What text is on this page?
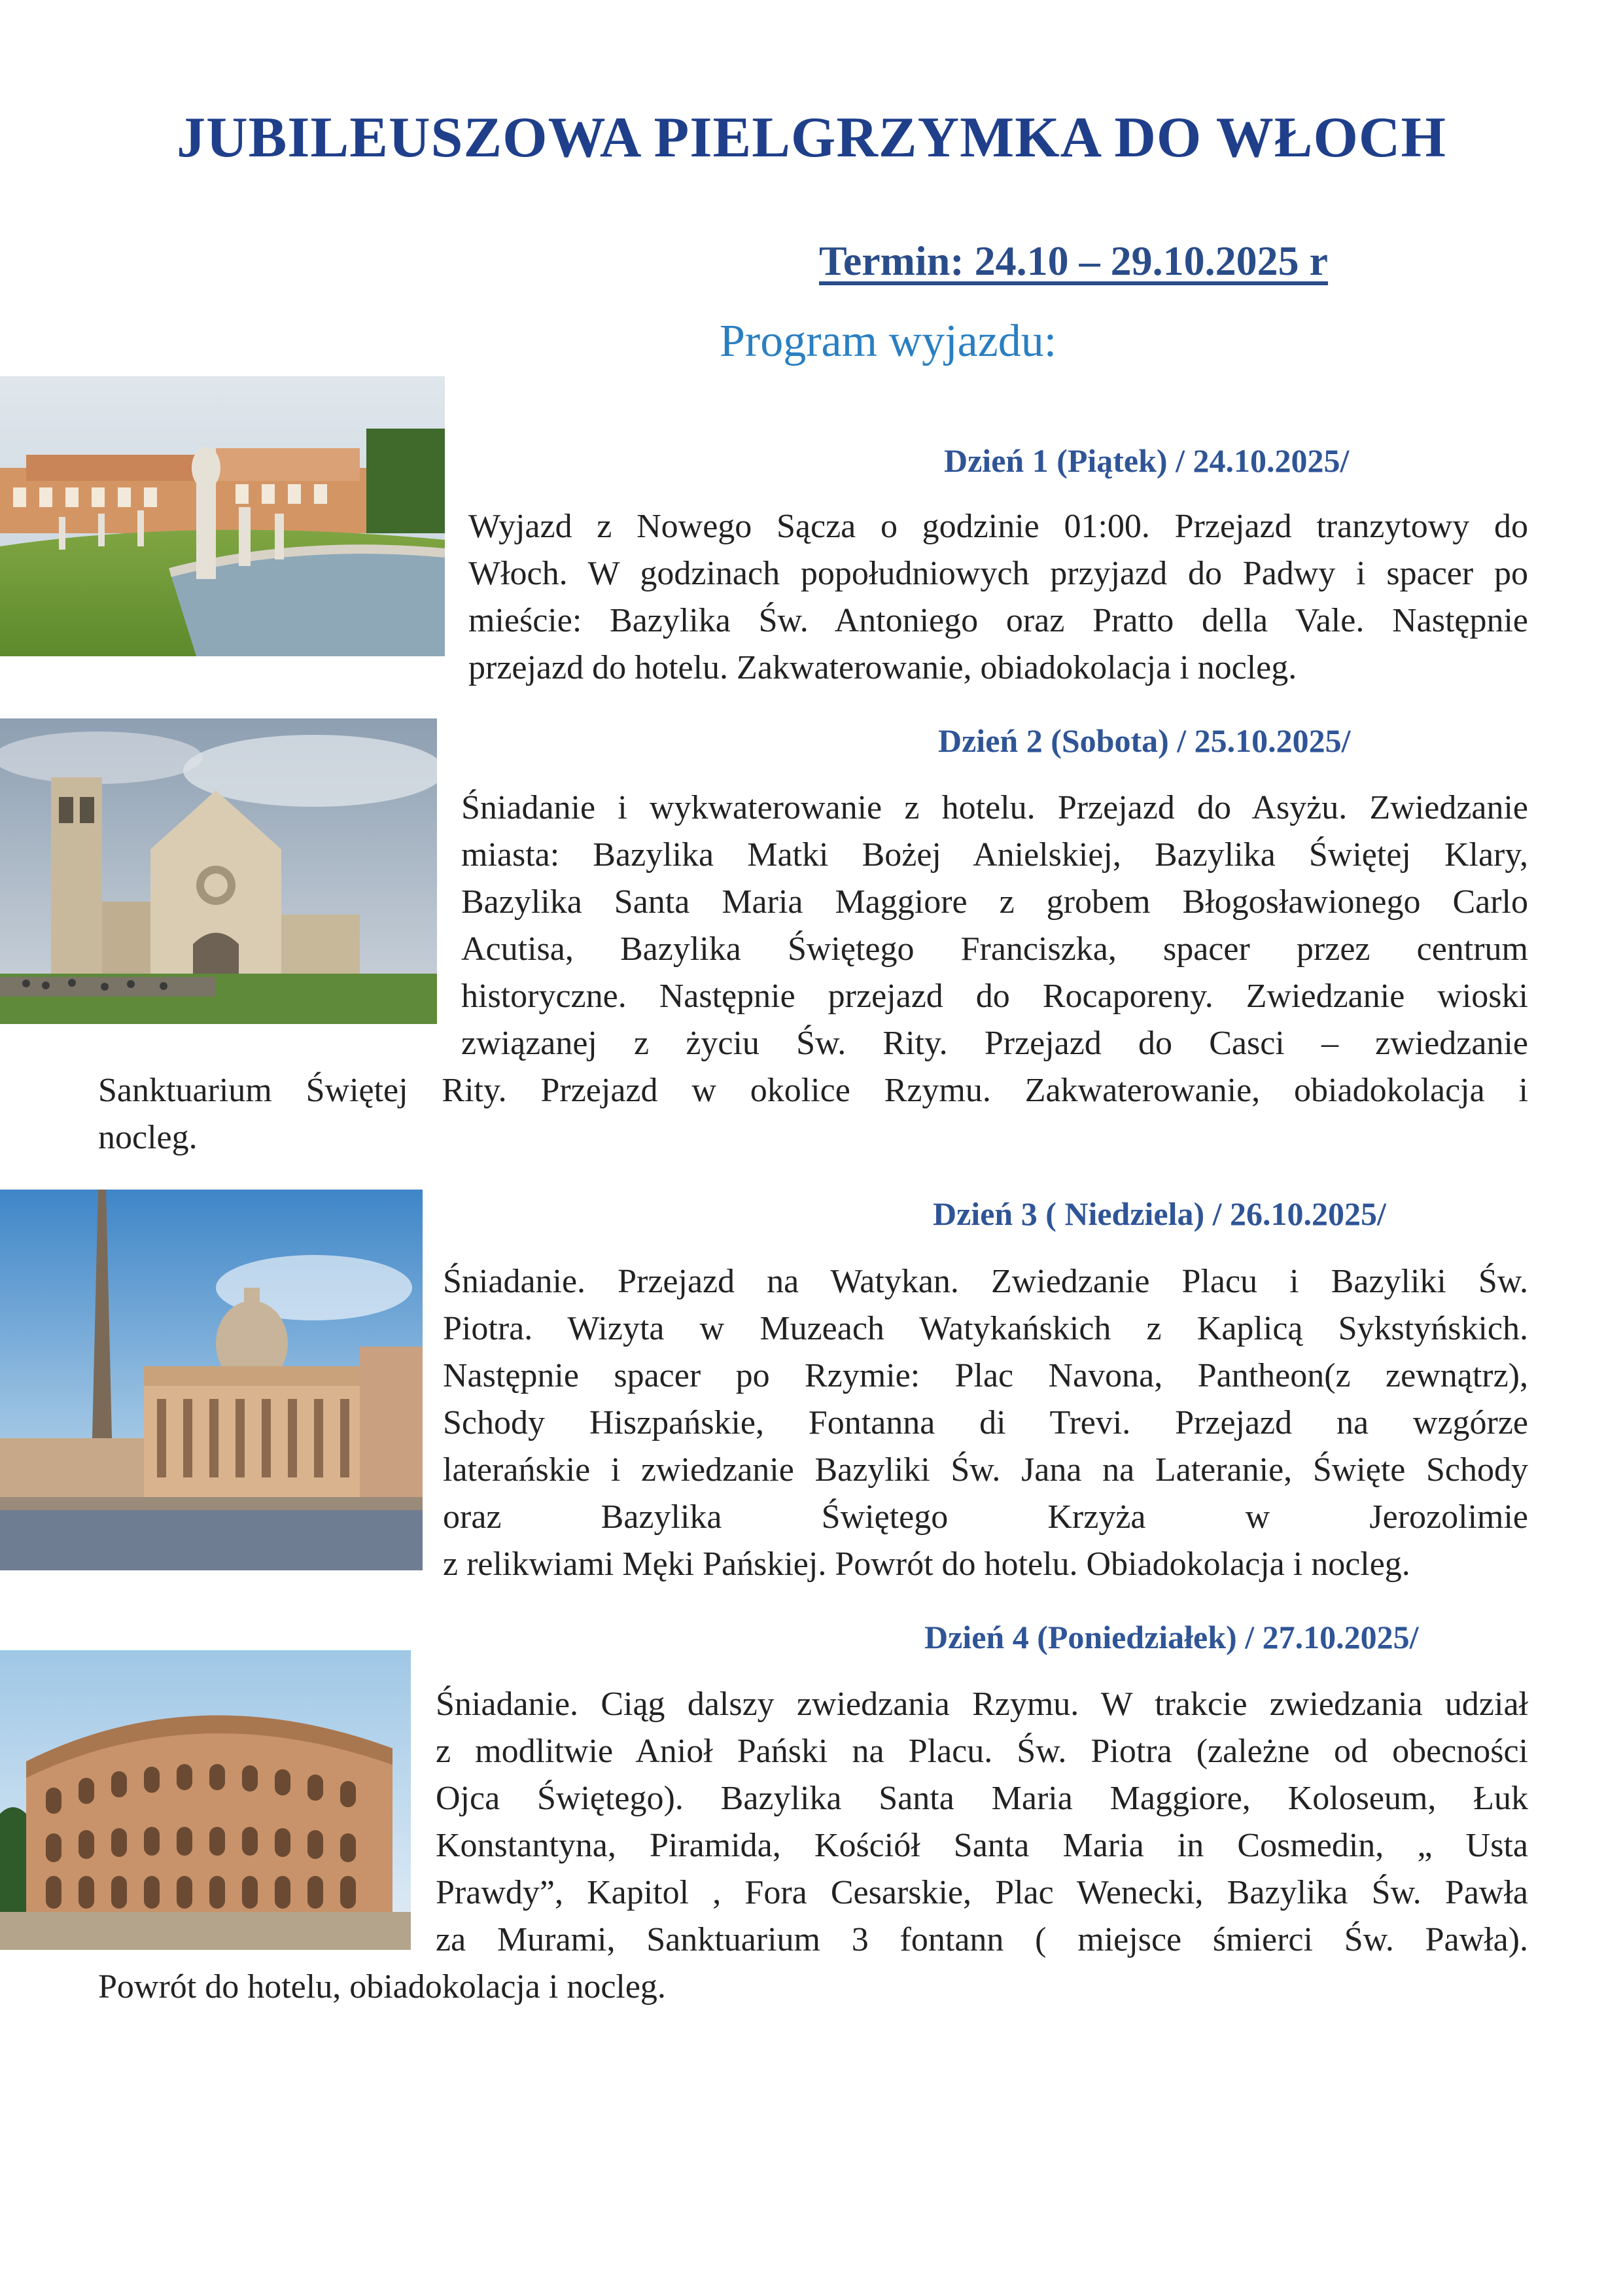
JUBILEUSZOWA PIELGRZYMKA DO WŁOCH
Termin: 24.10 – 29.10.2025 r
Program wyjazdu:
Dzień 1 (Piątek) / 24.10.2025/
Wyjazd z Nowego Sącza o godzinie 01:00. Przejazd tranzytowy do
Włoch. W godzinach popołudniowych przyjazd do Padwy i spacer po
mieście: Bazylika Św. Antoniego oraz Pratto della Vale. Następnie
przejazd do hotelu. Zakwaterowanie, obiadokolacja i nocleg.
Dzień 2 (Sobota) / 25.10.2025/
Śniadanie i wykwaterowanie z hotelu. Przejazd do Asyżu. Zwiedzanie
miasta: Bazylika Matki Bożej Anielskiej, Bazylika Świętej Klary,
Bazylika Santa Maria Maggiore z grobem Błogosławionego Carlo
Acutisa, Bazylika Świętego Franciszka, spacer przez centrum
historyczne. Następnie przejazd do Rocaporeny. Zwiedzanie wioski
związanej z życiu Św. Rity. Przejazd do Casci – zwiedzanie
Sanktuarium Świętej Rity. Przejazd w okolice Rzymu. Zakwaterowanie, obiadokolacja i
nocleg.
Dzień 3 ( Niedziela) / 26.10.2025/
Śniadanie. Przejazd na Watykan. Zwiedzanie Placu i Bazyliki Św.
Piotra. Wizyta w Muzeach Watykańskich z Kaplicą Sykstyńskich.
Następnie spacer po Rzymie: Plac Navona, Pantheon(z zewnątrz),
Schody Hiszpańskie, Fontanna di Trevi. Przejazd na wzgórze
laterańskie i zwiedzanie Bazyliki Św. Jana na Lateranie, Święte Schody
oraz Bazylika Świętego Krzyża w Jerozolimie
z relikwiami Męki Pańskiej. Powrót do hotelu. Obiadokolacja i nocleg.
Dzień 4 (Poniedziałek) / 27.10.2025/
Śniadanie. Ciąg dalszy zwiedzania Rzymu. W trakcie zwiedzania udział
z modlitwie Anioł Pański na Placu. Św. Piotra (zależne od obecności
Ojca Świętego). Bazylika Santa Maria Maggiore, Koloseum, Łuk
Konstantyna, Piramida, Kościół Santa Maria in Cosmedin, „ Usta
Prawdy”, Kapitol , Fora Cesarskie, Plac Wenecki, Bazylika Św. Pawła
za Murami, Sanktuarium 3 fontann ( miejsce śmierci Św. Pawła).
Powrót do hotelu, obiadokolacja i nocleg.
